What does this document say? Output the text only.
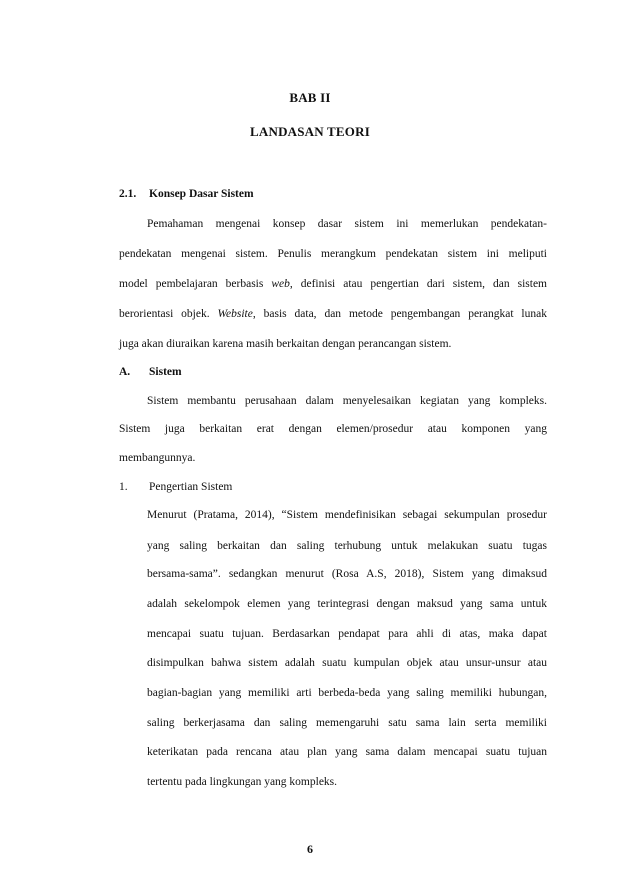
BAB II
LANDASAN TEORI
2.1. Konsep Dasar Sistem
Pemahaman mengenai konsep dasar sistem ini memerlukan pendekatan-
pendekatan mengenai sistem. Penulis merangkum pendekatan sistem ini meliputi
model pembelajaran berbasis web, definisi atau pengertian dari sistem, dan sistem
berorientasi objek. Website, basis data, dan metode pengembangan perangkat lunak
juga akan diuraikan karena masih berkaitan dengan perancangan sistem.
A. Sistem
Sistem membantu perusahaan dalam menyelesaikan kegiatan yang kompleks.
Sistem juga berkaitan erat dengan elemen/prosedur atau komponen yang
membangunnya.
1. Pengertian Sistem
Menurut (Pratama, 2014), “Sistem mendefinisikan sebagai sekumpulan prosedur
yang saling berkaitan dan saling terhubung untuk melakukan suatu tugas
bersama-sama”. sedangkan menurut (Rosa A.S, 2018), Sistem yang dimaksud
adalah sekelompok elemen yang terintegrasi dengan maksud yang sama untuk
mencapai suatu tujuan. Berdasarkan pendapat para ahli di atas, maka dapat
disimpulkan bahwa sistem adalah suatu kumpulan objek atau unsur-unsur atau
bagian-bagian yang memiliki arti berbeda-beda yang saling memiliki hubungan,
saling berkerjasama dan saling memengaruhi satu sama lain serta memiliki
keterikatan pada rencana atau plan yang sama dalam mencapai suatu tujuan
tertentu pada lingkungan yang kompleks.
6
